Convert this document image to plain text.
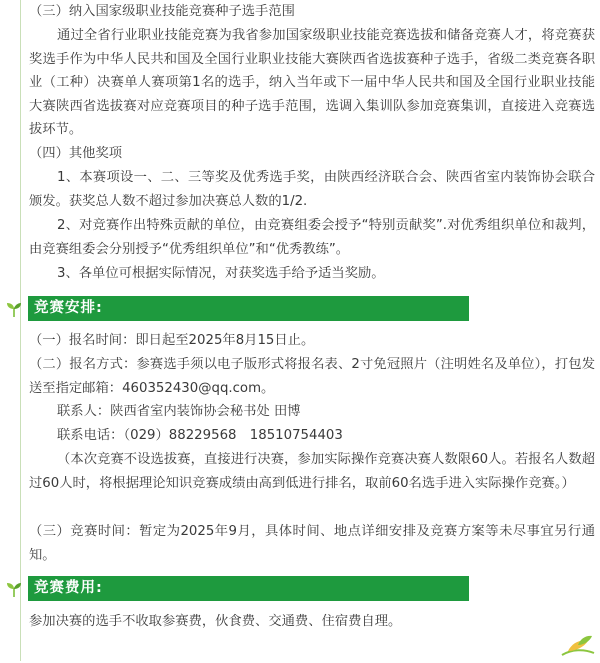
（三）纳入国家级职业技能竞赛种子选手范围

通过全省行业职业技能竞赛为我省参加国家级职业技能竞赛选拔和储备竞赛人才，将竞赛获奖选手作为中华人民共和国及全国行业职业技能大赛陕西省选拔赛种子选手，省级二类竞赛各职业（工种）决赛单人赛项第1名的选手，纳入当年或下一届中华人民共和国及全国行业职业技能大赛陕西省选拔赛对应竞赛项目的种子选手范围，选调入集训队参加竞赛集训，直接进入竞赛选拔环节。

（四）其他奖项

1、本赛项设一、二、三等奖及优秀选手奖，由陕西经济联合会、陕西省室内装饰协会联合颁发。获奖总人数不超过参加决赛总人数的1/2.

2、对竞赛作出特殊贡献的单位，由竞赛组委会授予“特别贡献奖”.对优秀组织单位和裁判，由竞赛组委会分别授予“优秀组织单位”和“优秀教练”。

3、各单位可根据实际情况，对获奖选手给予适当奖励。

竞赛安排:

（一）报名时间：即日起至2025年8月15日止。

（二）报名方式：参赛选手须以电子版形式将报名表、2寸免冠照片（注明姓名及单位），打包发送至指定邮箱：460352430@qq.com。

联系人：陕西省室内装饰协会秘书处 田博

联系电话：（029）88229568　18510754403

（本次竞赛不设选拔赛，直接进行决赛，参加实际操作竞赛决赛人数限60人。若报名人数超过60人时，将根据理论知识竞赛成绩由高到低进行排名，取前60名选手进入实际操作竞赛。）

（三）竞赛时间：暂定为2025年9月，具体时间、地点详细安排及竞赛方案等未尽事宜另行通知。

竞赛费用:

参加决赛的选手不收取参赛费，伙食费、交通费、住宿费自理。
